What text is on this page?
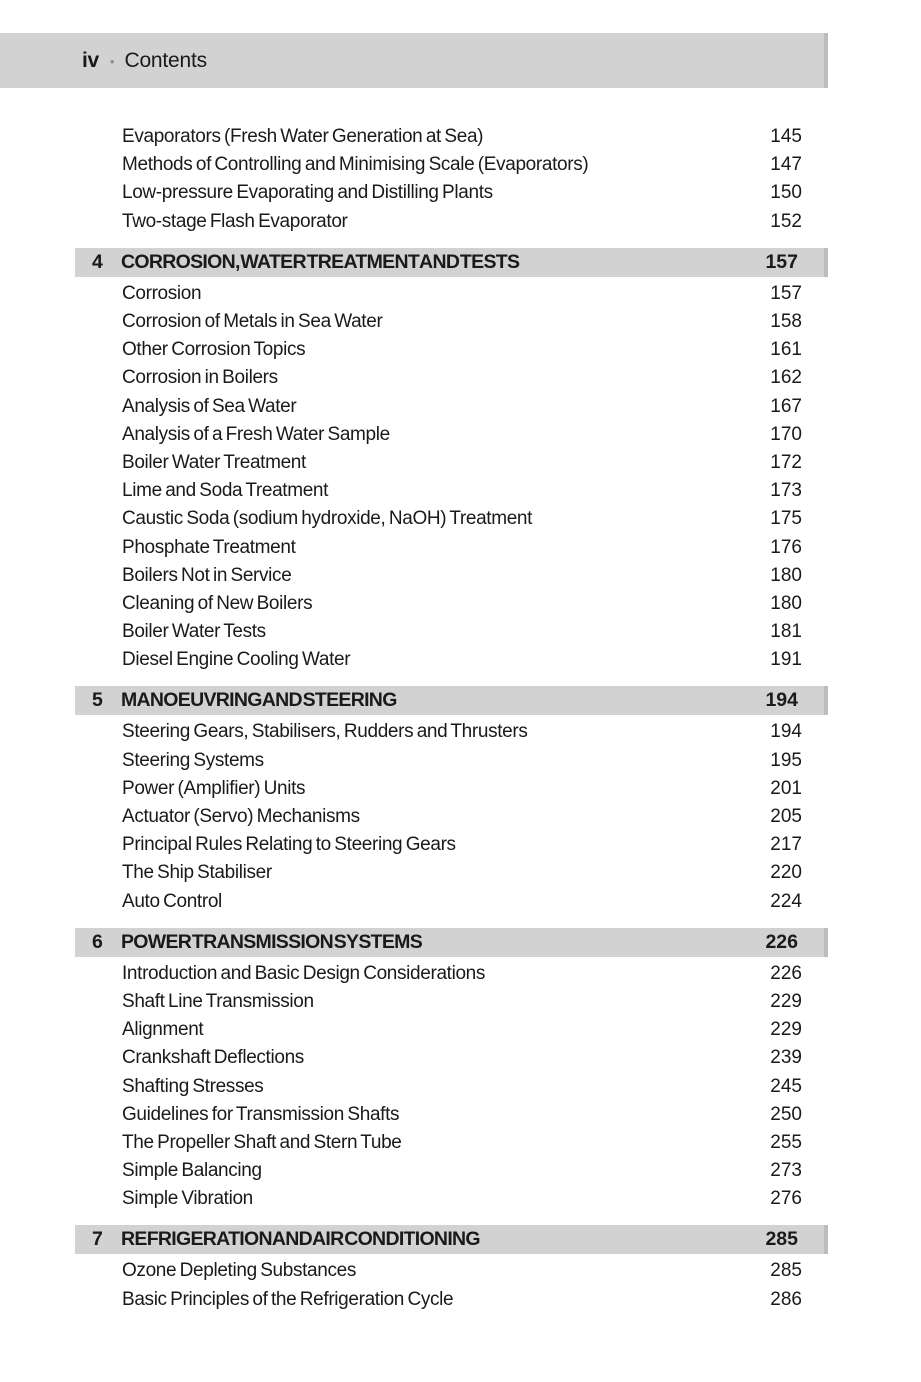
iv • Contents
Evaporators (Fresh Water Generation at Sea)	145
Methods of Controlling and Minimising Scale (Evaporators)	147
Low-pressure Evaporating and Distilling Plants	150
Two-stage Flash Evaporator	152
4 CORROSION, WATER TREATMENT AND TESTS	157
Corrosion	157
Corrosion of Metals in Sea Water	158
Other Corrosion Topics	161
Corrosion in Boilers	162
Analysis of Sea Water	167
Analysis of a Fresh Water Sample	170
Boiler Water Treatment	172
Lime and Soda Treatment	173
Caustic Soda (sodium hydroxide, NaOH) Treatment	175
Phosphate Treatment	176
Boilers Not in Service	180
Cleaning of New Boilers	180
Boiler Water Tests	181
Diesel Engine Cooling Water	191
5 MANOEUVRING AND STEERING	194
Steering Gears, Stabilisers, Rudders and Thrusters	194
Steering Systems	195
Power (Amplifier) Units	201
Actuator (Servo) Mechanisms	205
Principal Rules Relating to Steering Gears	217
The Ship Stabiliser	220
Auto Control	224
6 POWER TRANSMISSION SYSTEMS	226
Introduction and Basic Design Considerations	226
Shaft Line Transmission	229
Alignment	229
Crankshaft Deflections	239
Shafting Stresses	245
Guidelines for Transmission Shafts	250
The Propeller Shaft and Stern Tube	255
Simple Balancing	273
Simple Vibration	276
7 REFRIGERATION AND AIR CONDITIONING	285
Ozone Depleting Substances	285
Basic Principles of the Refrigeration Cycle	286
